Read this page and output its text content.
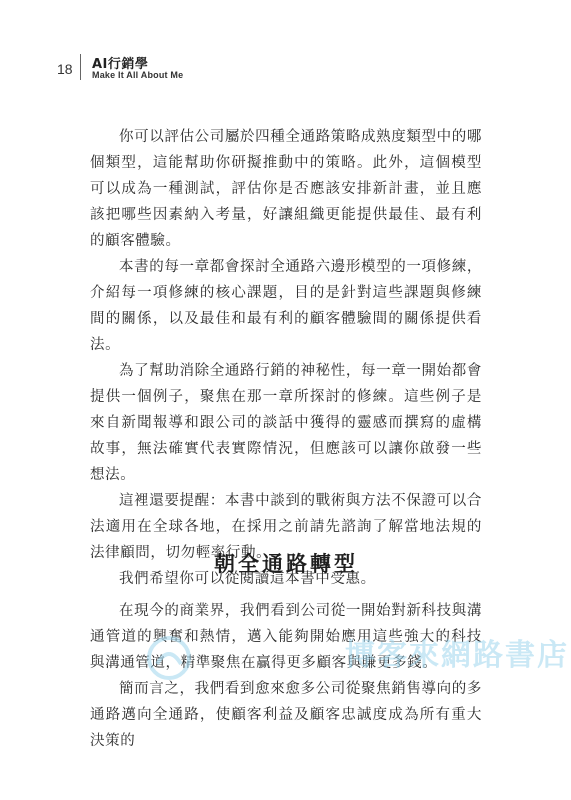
18 AI行銷學
Make It All About Me

你可以評估公司屬於四種全通路策略成熟度類型中的哪個類型，這能幫助你研擬推動中的策略。此外，這個模型可以成為一種測試，評估你是否應該安排新計畫，並且應該把哪些因素納入考量，好讓組織更能提供最佳、最有利的顧客體驗。

本書的每一章都會探討全通路六邊形模型的一項修練，介紹每一項修練的核心課題，目的是針對這些課題與修練間的關係，以及最佳和最有利的顧客體驗間的關係提供看法。

為了幫助消除全通路行銷的神秘性，每一章一開始都會提供一個例子，聚焦在那一章所探討的修練。這些例子是來自新聞報導和跟公司的談話中獲得的靈感而撰寫的虛構故事，無法確實代表實際情況，但應該可以讓你啟發一些想法。

這裡還要提醒：本書中談到的戰術與方法不保證可以合法適用在全球各地，在採用之前請先諮詢了解當地法規的法律顧問，切勿輕率行動。

我們希望你可以從閱讀這本書中受惠。

朝全通路轉型

在現今的商業界，我們看到公司從一開始對新科技與溝通管道的興奮和熱情，邁入能夠開始應用這些強大的科技與溝通管道，精準聚焦在贏得更多顧客與賺更多錢。

簡而言之，我們看到愈來愈多公司從聚焦銷售導向的多通路邁向全通路，使顧客利益及顧客忠誠度成為所有重大決策的

博客來網路書店
